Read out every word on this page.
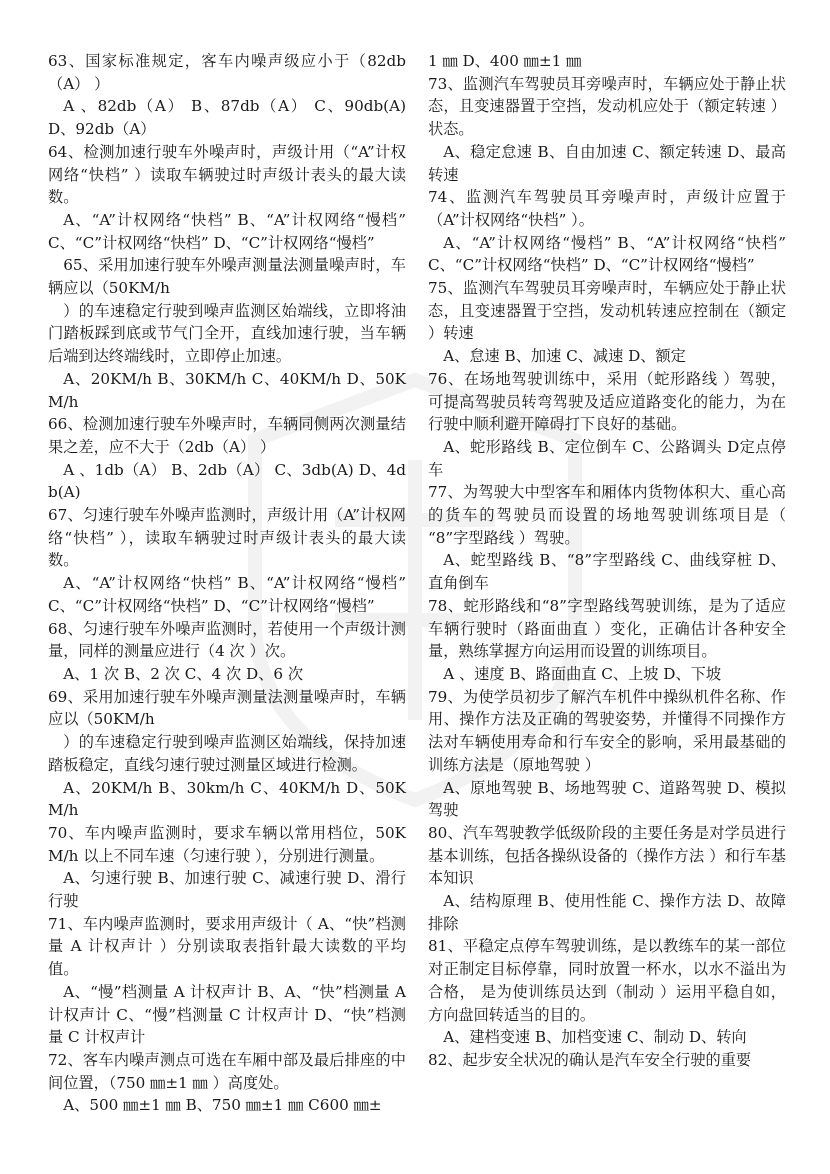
63、国家标准规定，客车内噪声级应小于（82db（A） ）

A 、82db（A） B、87db（A） C、90db(A) D、92db（A）

64、检测加速行驶车外噪声时，声级计用（“A”计权网络“快档” ）读取车辆驶过时声级计表头的最大读数。

A、“A”计权网络“快档” B、“A”计权网络“慢档” C、“C”计权网络“快档” D、“C”计权网络“慢档”

65、采用加速行驶车外噪声测量法测量噪声时，车辆应以（50KM/h

）的车速稳定行驶到噪声监测区始端线，立即将油门踏板踩到底或节气门全开，直线加速行驶，当车辆后端到达终端线时，立即停止加速。

A、20KM/h B、30KM/h C、40KM/h D、50KM/h

66、检测加速行驶车外噪声时，车辆同侧两次测量结果之差，应不大于（2db（A） ）

A 、1db（A） B、2db（A） C、3db(A) D、4db(A)

67、匀速行驶车外噪声监测时，声级计用（A”计权网络“快档” ），读取车辆驶过时声级计表头的最大读数。

A、“A”计权网络“快档” B、“A”计权网络“慢档” C、“C”计权网络“快档” D、“C”计权网络“慢档”

68、匀速行驶车外噪声监测时，若使用一个声级计测量，同样的测量应进行（4 次 ）次。

A、1 次 B、2 次 C、4 次 D、6 次

69、采用加速行驶车外噪声测量法测量噪声时，车辆应以（50KM/h

）的车速稳定行驶到噪声监测区始端线，保持加速踏板稳定，直线匀速行驶过测量区域进行检测。

A、20KM/h B、30km/h C、40KM/h D、50KM/h

70、车内噪声监测时，要求车辆以常用档位，50KM/h 以上不同车速（匀速行驶 ），分别进行测量。

A、匀速行驶 B、加速行驶 C、减速行驶 D、滑行行驶

71、车内噪声监测时，要求用声级计（ A、“快”档测量 A 计权声计 ）分别读取表指针最大读数的平均值。

A、“慢”档测量 A 计权声计 B、A、“快”档测量 A 计权声计 C、“慢”档测量 C 计权声计 D、“快”档测量 C 计权声计

72、客车内噪声测点可选在车厢中部及最后排座的中间位置，（750 ㎜±1 ㎜ ）高度处。

A、500 ㎜±1 ㎜ B、750 ㎜±1 ㎜ C600 ㎜±

1 ㎜ D、400 ㎜±1 ㎜

73、监测汽车驾驶员耳旁噪声时，车辆应处于静止状态，且变速器置于空挡，发动机应处于（额定转速 ）状态。

A、稳定怠速 B、自由加速 C、额定转速 D、最高转速

74、监测汽车驾驶员耳旁噪声时，声级计应置于（A”计权网络“快档” ）。

A、“A”计权网络“慢档” B、“A”计权网络“快档” C、“C”计权网络“快档” D、“C”计权网络“慢档”

75、监测汽车驾驶员耳旁噪声时，车辆应处于静止状态，且变速器置于空挡，发动机转速应控制在（额定 ）转速

A、怠速 B、加速 C、减速 D、额定

76、在场地驾驶训练中，采用（蛇形路线 ）驾驶，可提高驾驶员转弯驾驶及适应道路变化的能力，为在行驶中顺利避开障碍打下良好的基础。

A、蛇形路线 B、定位倒车 C、公路调头 D定点停车

77、为驾驶大中型客车和厢体内货物体积大、重心高的货车的驾驶员而设置的场地驾驶训练项目是（ “8”字型路线 ）驾驶。

A、蛇型路线 B、“8”字型路线 C、曲线穿桩 D、直角倒车

78、蛇形路线和“8”字型路线驾驶训练，是为了适应车辆行驶时（路面曲直 ）变化，正确估计各种安全量，熟练掌握方向运用而设置的训练项目。

A 、速度 B、路面曲直 C、上坡 D、下坡

79、为使学员初步了解汽车机件中操纵机件名称、作用、操作方法及正确的驾驶姿势，并懂得不同操作方法对车辆使用寿命和行车安全的影响，采用最基础的训练方法是（原地驾驶 ）

A、原地驾驶 B、场地驾驶 C、道路驾驶 D、模拟驾驶

80、汽车驾驶教学低级阶段的主要任务是对学员进行基本训练，包括各操纵设备的（操作方法 ）和行车基本知识

A、结构原理 B、使用性能 C、操作方法 D、故障排除

81、平稳定点停车驾驶训练，是以教练车的某一部位对正制定目标停靠，同时放置一杯水，以水不溢出为合格， 是为使训练员达到（制动 ）运用平稳自如，方向盘回转适当的目的。

A、建档变速 B、加档变速 C、制动 D、转向

82、起步安全状况的确认是汽车安全行驶的重要
